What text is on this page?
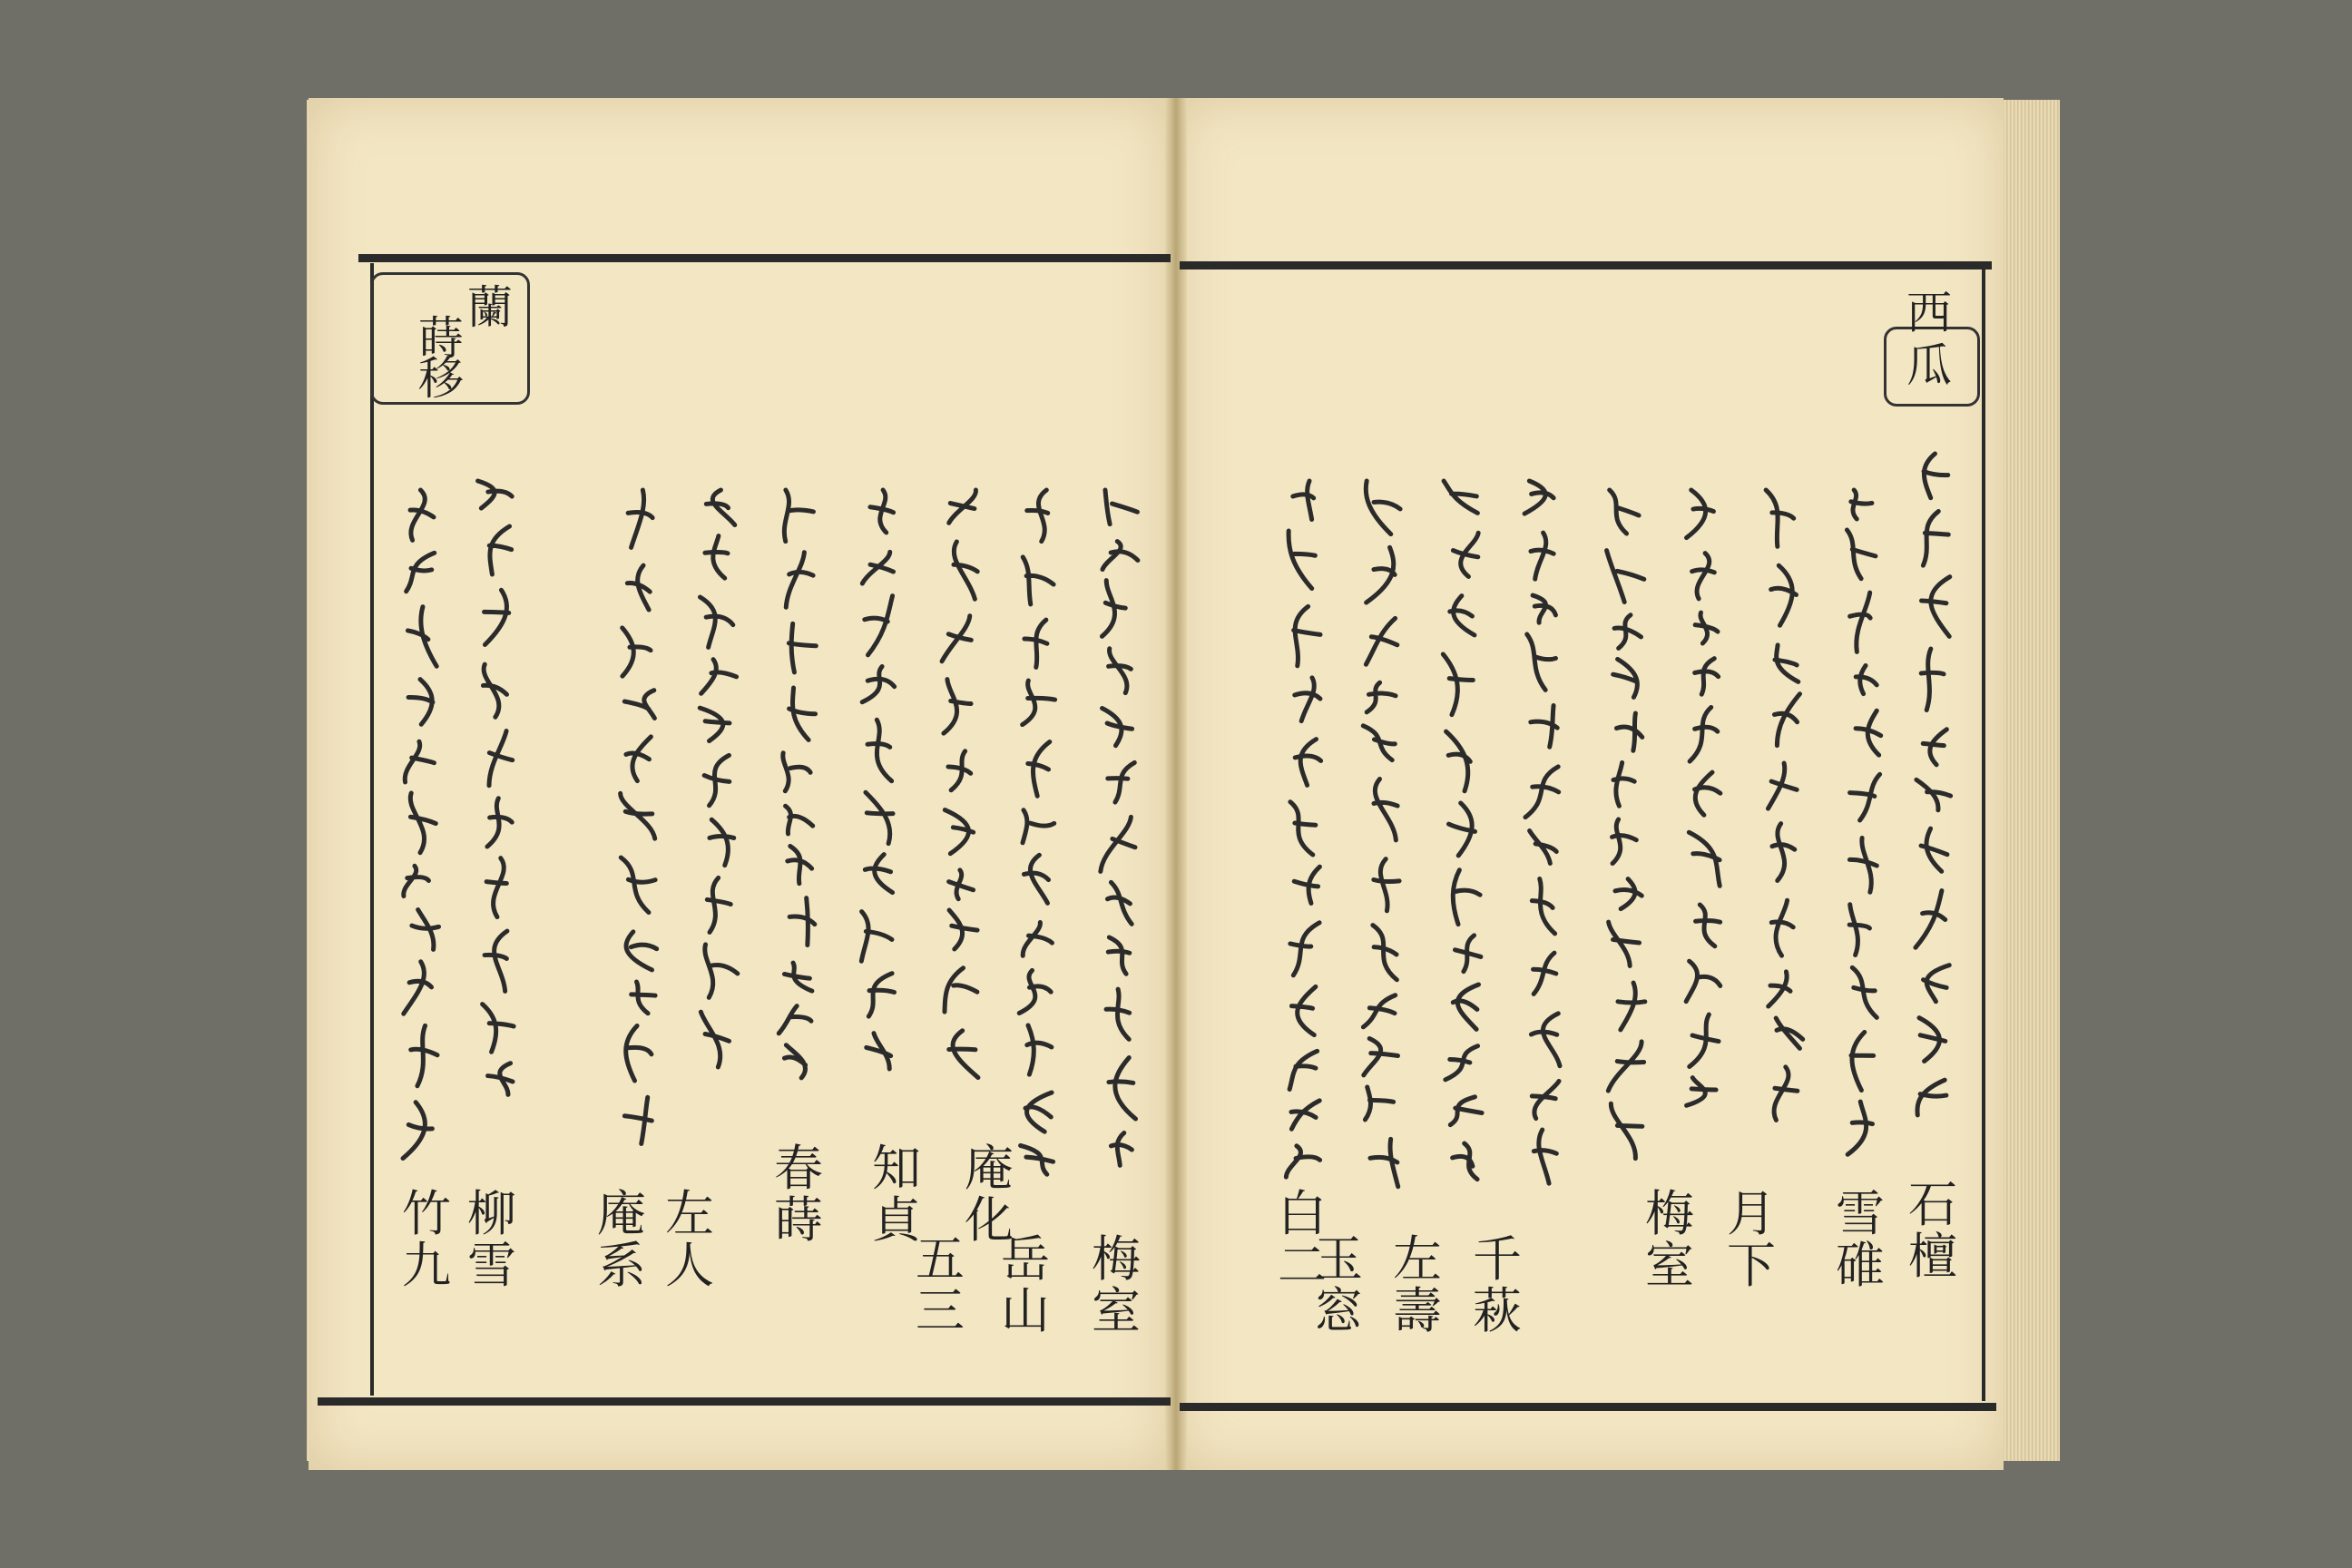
蘭
蒔
移
西
瓜
石檀
雪碓
月下
梅室
千萩
左壽
玉窓
白二
梅室
岳山
庵化
五三
知貞
春蒔
左人
庵系
柳雪
竹九
